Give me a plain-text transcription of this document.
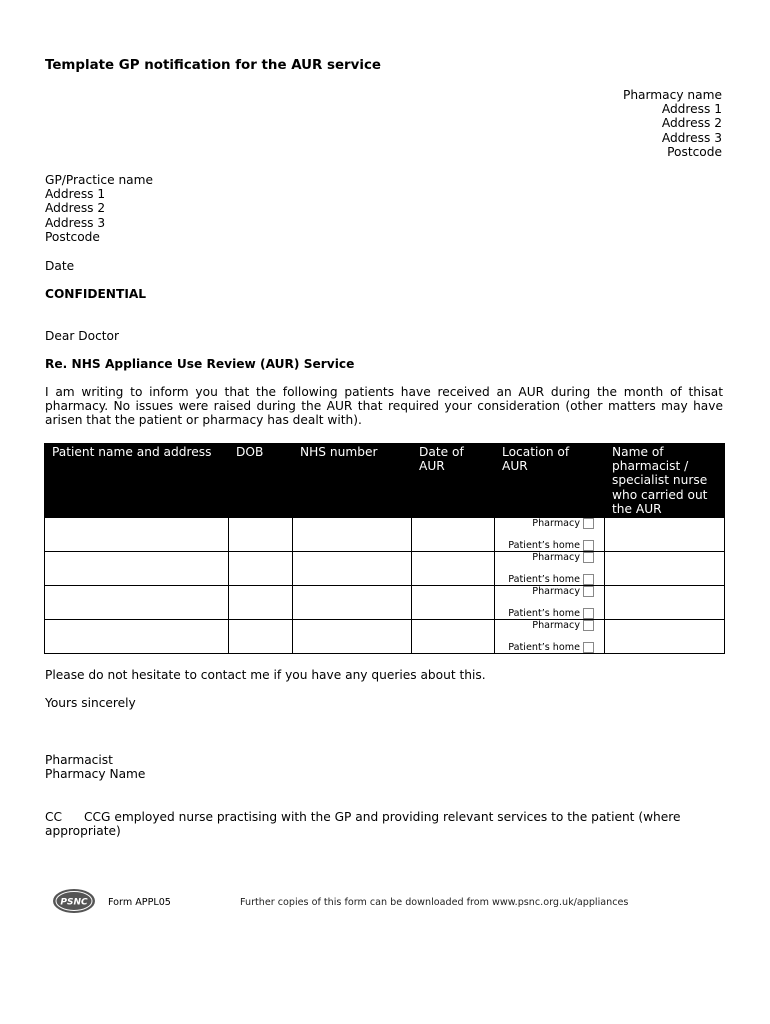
Template GP notification for the AUR service
Pharmacy name
Address 1
Address 2
Address 3
Postcode
GP/Practice name
Address 1
Address 2
Address 3
Postcode
Date
CONFIDENTIAL
Dear Doctor
Re. NHS Appliance Use Review (AUR) Service
at
I am writing to inform you that the following patients have received an AUR during the month of this pharmacy. No issues were raised during the AUR that required your consideration (other matters may have arisen that the patient or pharmacy has dealt with).
Patient name and address	DOB	NHS number	Date of AUR	Location of AUR	Name of pharmacist / specialist nurse who carried out the AUR

				Pharmacy
Patient’s home	

				Pharmacy
Patient’s home	

				Pharmacy
Patient’s home	

				Pharmacy
Patient’s home	

Please do not hesitate to contact me if you have any queries about this.
Yours sincerely
Pharmacist
Pharmacy Name
CC CCG employed nurse practising with the GP and providing relevant services to the patient (where appropriate)
PSNC Form APPL05	Further copies of this form can be downloaded from www.psnc.org.uk/appliances
